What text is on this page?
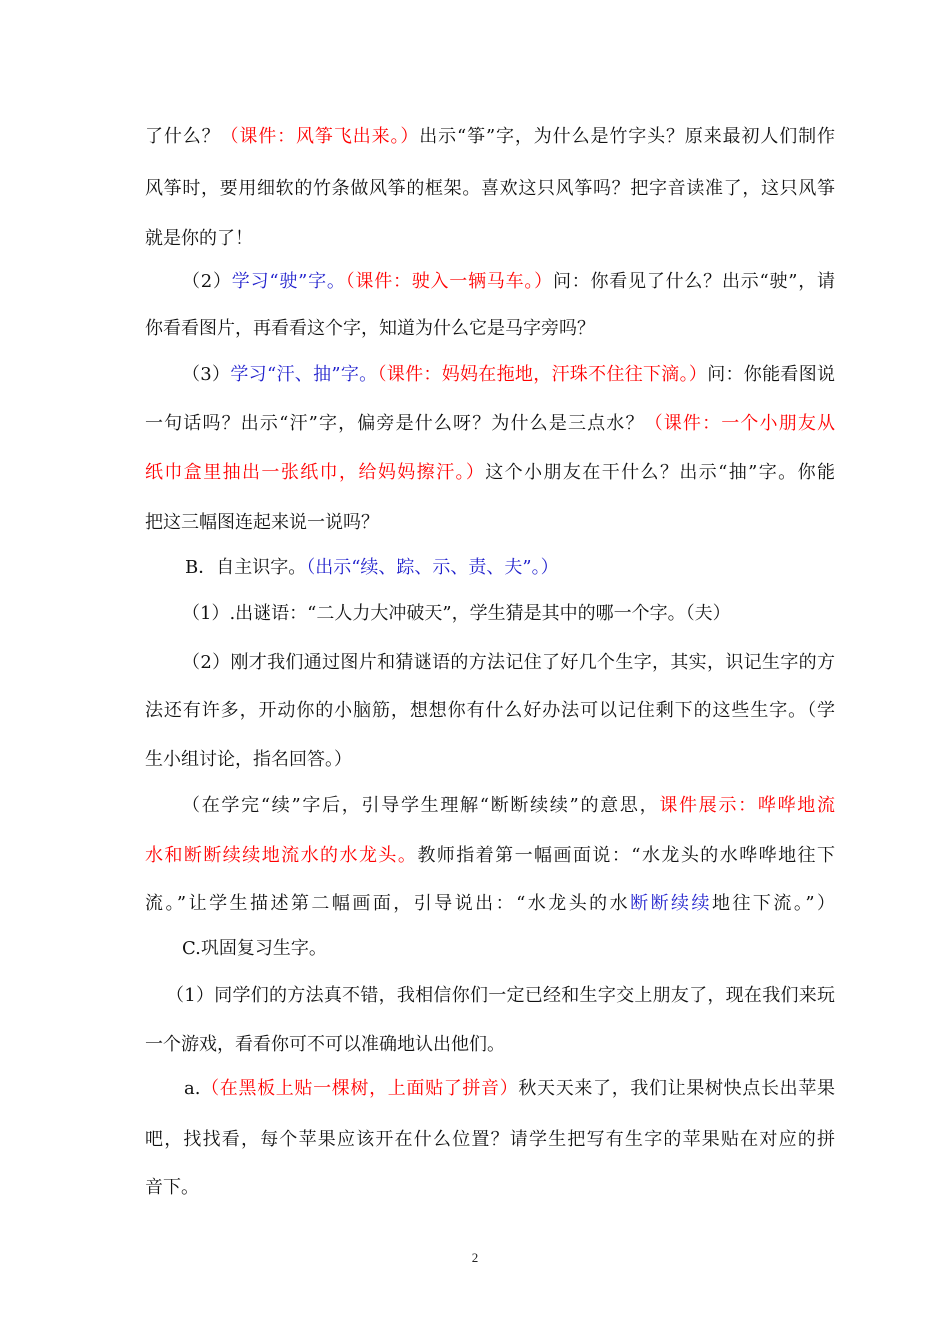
了什么？（课件：风筝飞出来。）出示“筝”字，为什么是竹字头？原来最初人们制作
风筝时，要用细软的竹条做风筝的框架。喜欢这只风筝吗？把字音读准了，这只风筝
就是你的了！
（2）学习“驶”字。（课件：驶入一辆马车。）问：你看见了什么？出示“驶”，请
你看看图片，再看看这个字，知道为什么它是马字旁吗？
（3）学习“汗、抽”字。（课件：妈妈在拖地，汗珠不住往下滴。）问：你能看图说
一句话吗？出示“汗”字，偏旁是什么呀？为什么是三点水？（课件：一个小朋友从
纸巾盒里抽出一张纸巾，给妈妈擦汗。）这个小朋友在干什么？出示“抽”字。你能
把这三幅图连起来说一说吗？
B．自主识字。（出示“续、踪、示、责、夫”。）
（1）.出谜语：“二人力大冲破天”，学生猜是其中的哪一个字。（夫）
（2）刚才我们通过图片和猜谜语的方法记住了好几个生字，其实，识记生字的方
法还有许多，开动你的小脑筋，想想你有什么好办法可以记住剩下的这些生字。（学
生小组讨论，指名回答。）
（在学完“续”字后，引导学生理解“断断续续”的意思，课件展示：哗哗地流
水和断断续续地流水的水龙头。教师指着第一幅画面说：“水龙头的水哗哗地往下
流。”让学生描述第二幅画面，引导说出：“水龙头的水断断续续地往下流。”）
C.巩固复习生字。
（1）同学们的方法真不错，我相信你们一定已经和生字交上朋友了，现在我们来玩
一个游戏，看看你可不可以准确地认出他们。
a.（在黑板上贴一棵树，上面贴了拼音）秋天天来了，我们让果树快点长出苹果
吧，找找看，每个苹果应该开在什么位置？请学生把写有生字的苹果贴在对应的拼
音下。
2
